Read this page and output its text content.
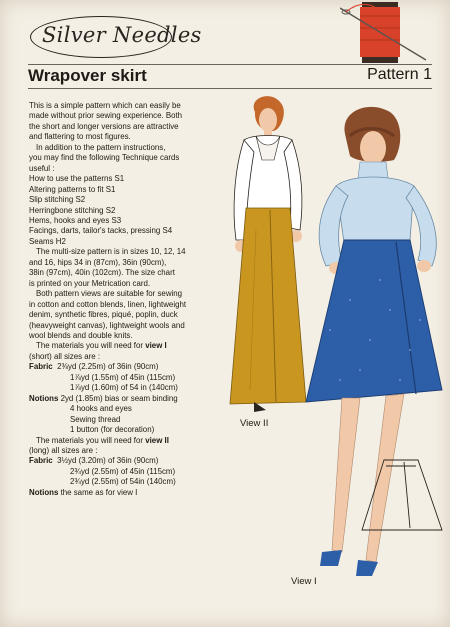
Silver Needles
Wrapover skirt	Pattern 1

This is a simple pattern which can easily be

made without prior sewing experience. Both

the short and longer versions are attractive

and flattering to most figures.

In addition to the pattern instructions,

you may find the following Technique cards

useful :

How to use the patterns S1

Altering patterns to fit S1

Slip stitching S2

Herringbone stitching S2

Hems, hooks and eyes S3

Facings, darts, tailor's tacks, pressing S4

Seams H2

The multi-size pattern is in sizes 10, 12, 14

and 16, hips 34 in (87cm), 36in (90cm),

38in (97cm), 40in (102cm). The size chart

is printed on your Metrication card.

Both pattern views are suitable for sewing

in cotton and cotton blends, linen, lightweight

denim, synthetic fibres, piqué, poplin, duck

(heavyweight canvas), lightweight wools and

wool blends and double knits.

The materials you will need for view I

(short) all sizes are :

Fabric 2⅜yd (2.25m) of 36in (90cm)

1⅞yd (1.55m) of 45in (115cm)

1⅞yd (1.60m) of 54 in (140cm)

Notions 2yd (1.85m) bias or seam binding

4 hooks and eyes

Sewing thread

1 button (for decoration)

The materials you will need for view II

(long) all sizes are :

Fabric 3½yd (3.20m) of 36in (90cm)

2¾yd (2.55m) of 45in (115cm)

2¾yd (2.55m) of 54in (140cm)

Notions the same as for view I

View II
View I
